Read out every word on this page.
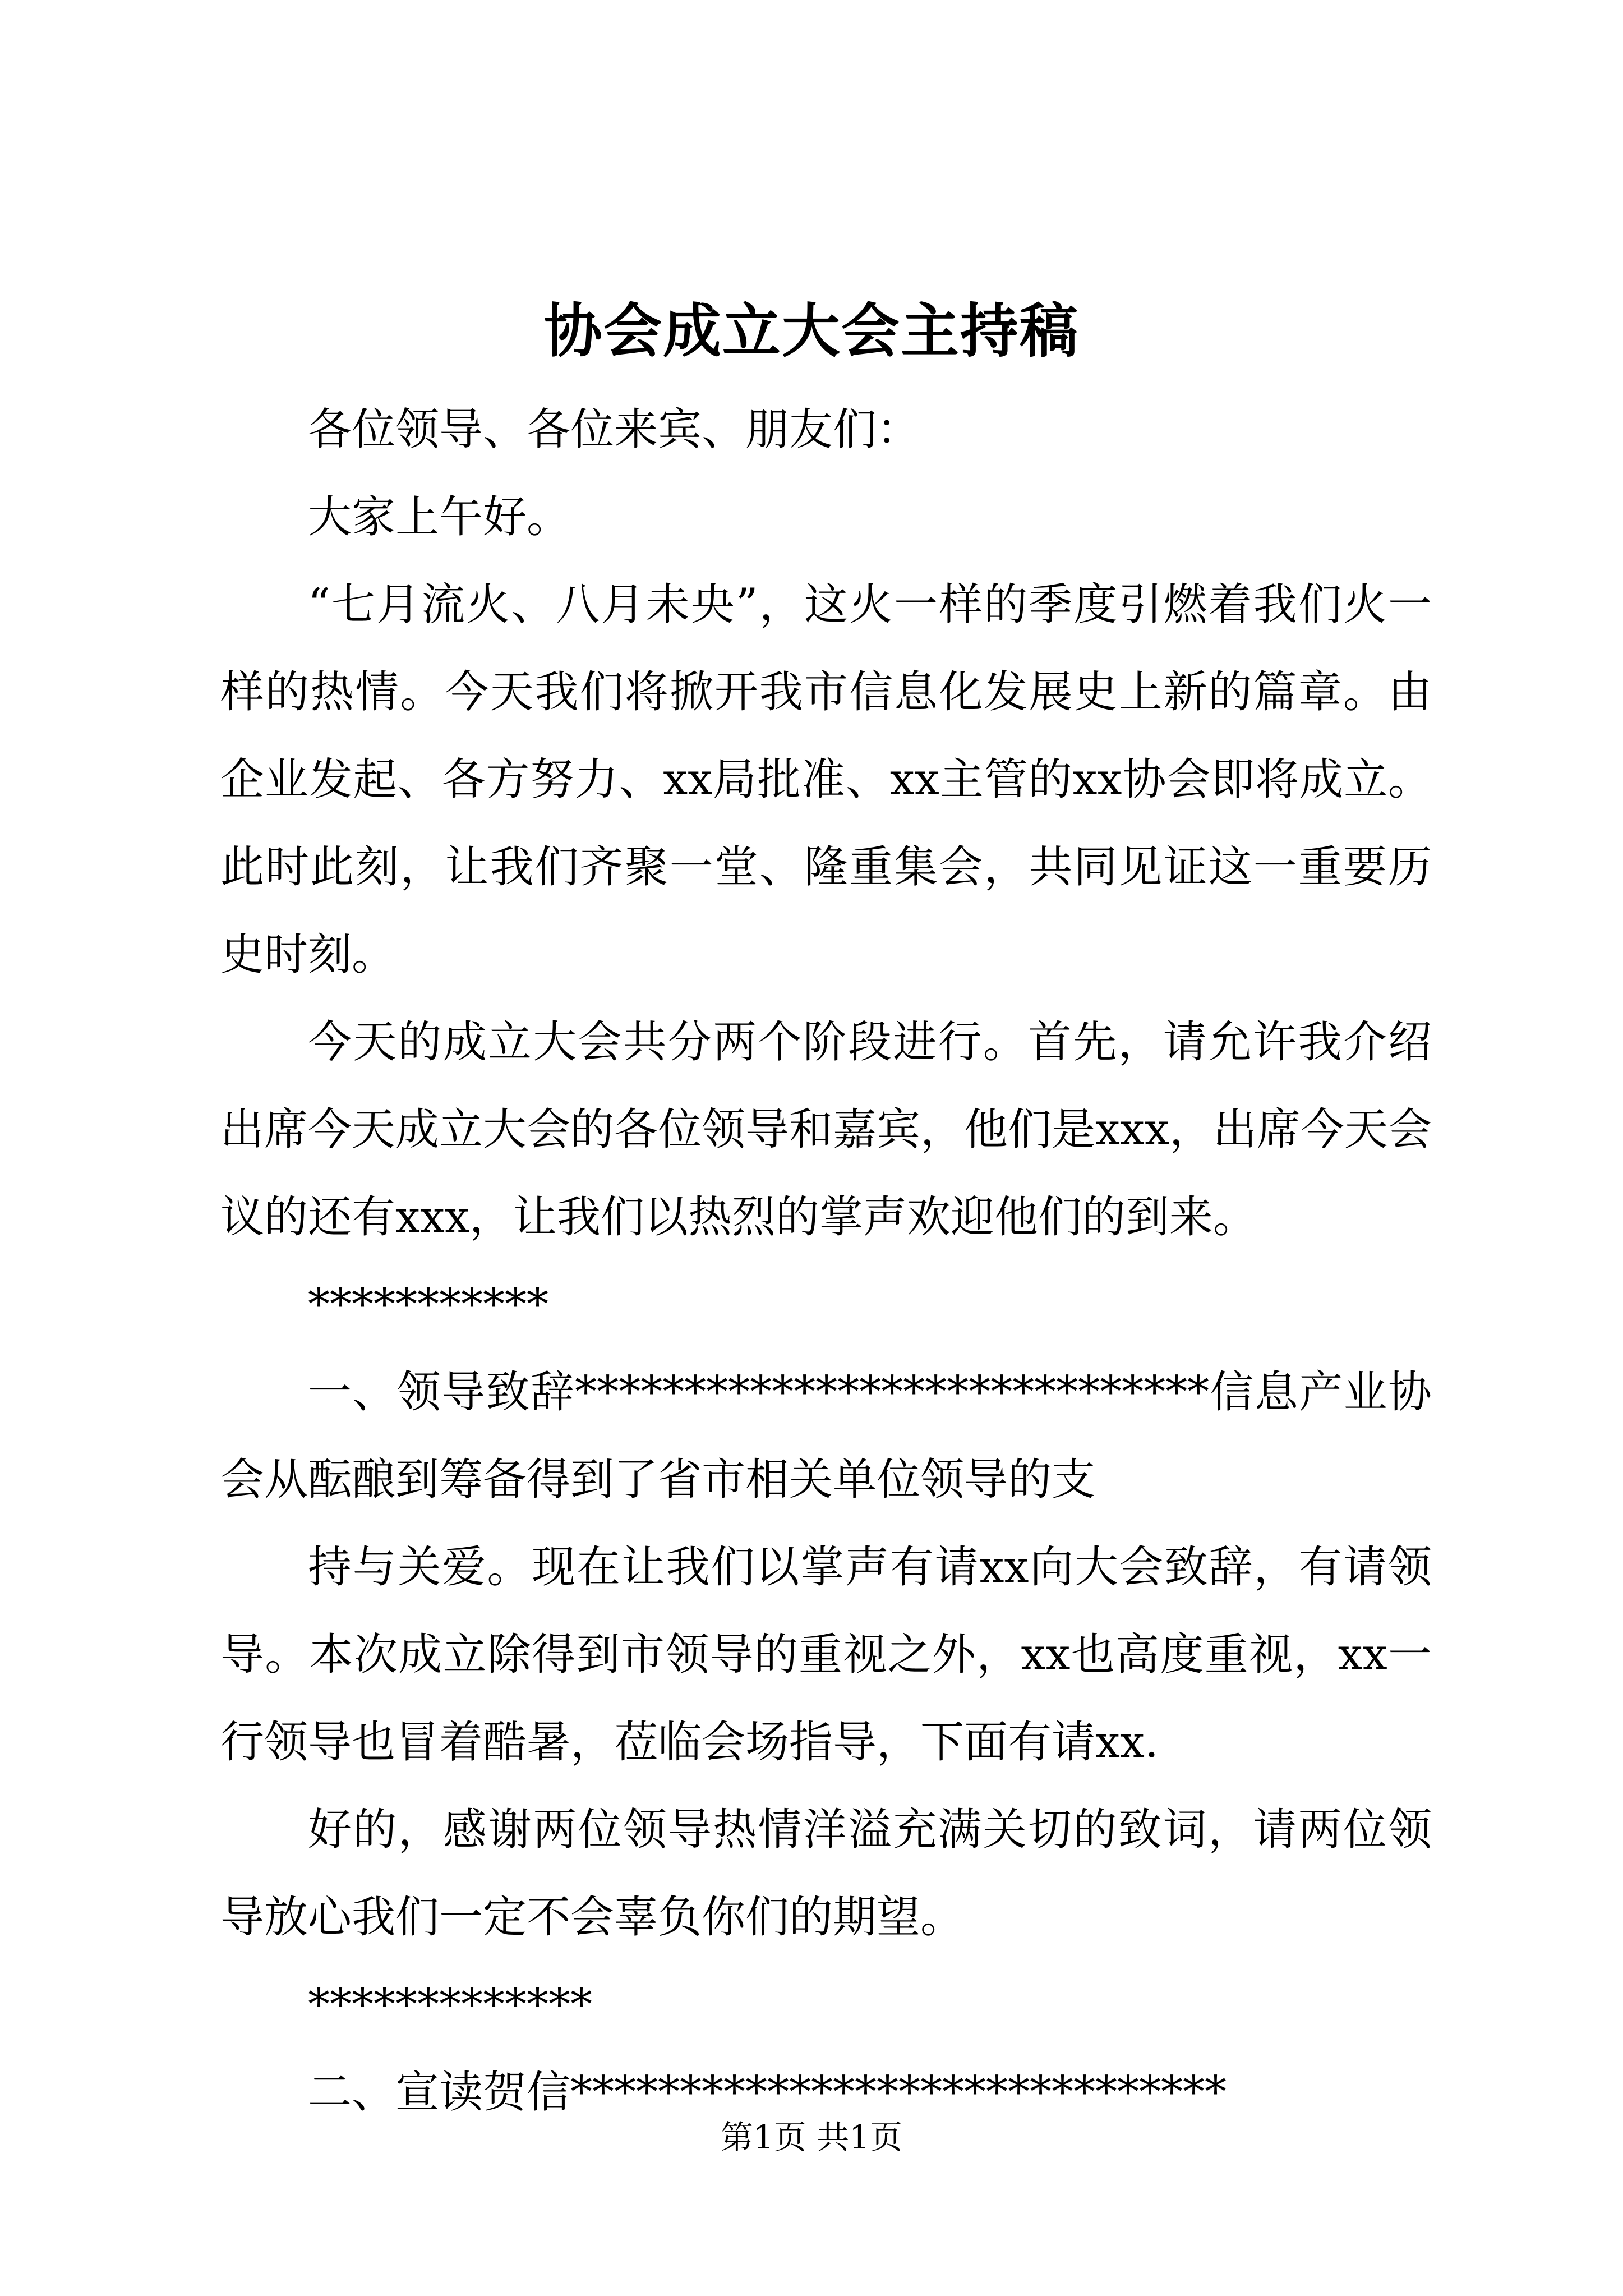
协会成立大会主持稿

各位领导、各位来宾、朋友们：

大家上午好。

“七月流火、八月未央”，这火一样的季度引燃着我们火一样的热情。今天我们将掀开我市信息化发展史上新的篇章。由企业发起、各方努力、xx局批准、xx主管的xx协会即将成立。此时此刻，让我们齐聚一堂、隆重集会，共同见证这一重要历史时刻。

今天的成立大会共分两个阶段进行。首先，请允许我介绍出席今天成立大会的各位领导和嘉宾，他们是xxx，出席今天会议的还有xxx，让我们以热烈的掌声欢迎他们的到来。

***********

一、领导致辞*****************************信息产业协会从酝酿到筹备得到了省市相关单位领导的支

持与关爱。现在让我们以掌声有请xx向大会致辞，有请领导。本次成立除得到市领导的重视之外，xx也高度重视，xx一行领导也冒着酷暑，莅临会场指导，下面有请xx.

好的，感谢两位领导热情洋溢充满关切的致词，请两位领导放心我们一定不会辜负你们的期望。

*************

二、宣读贺信******************************

第1页 共1页
